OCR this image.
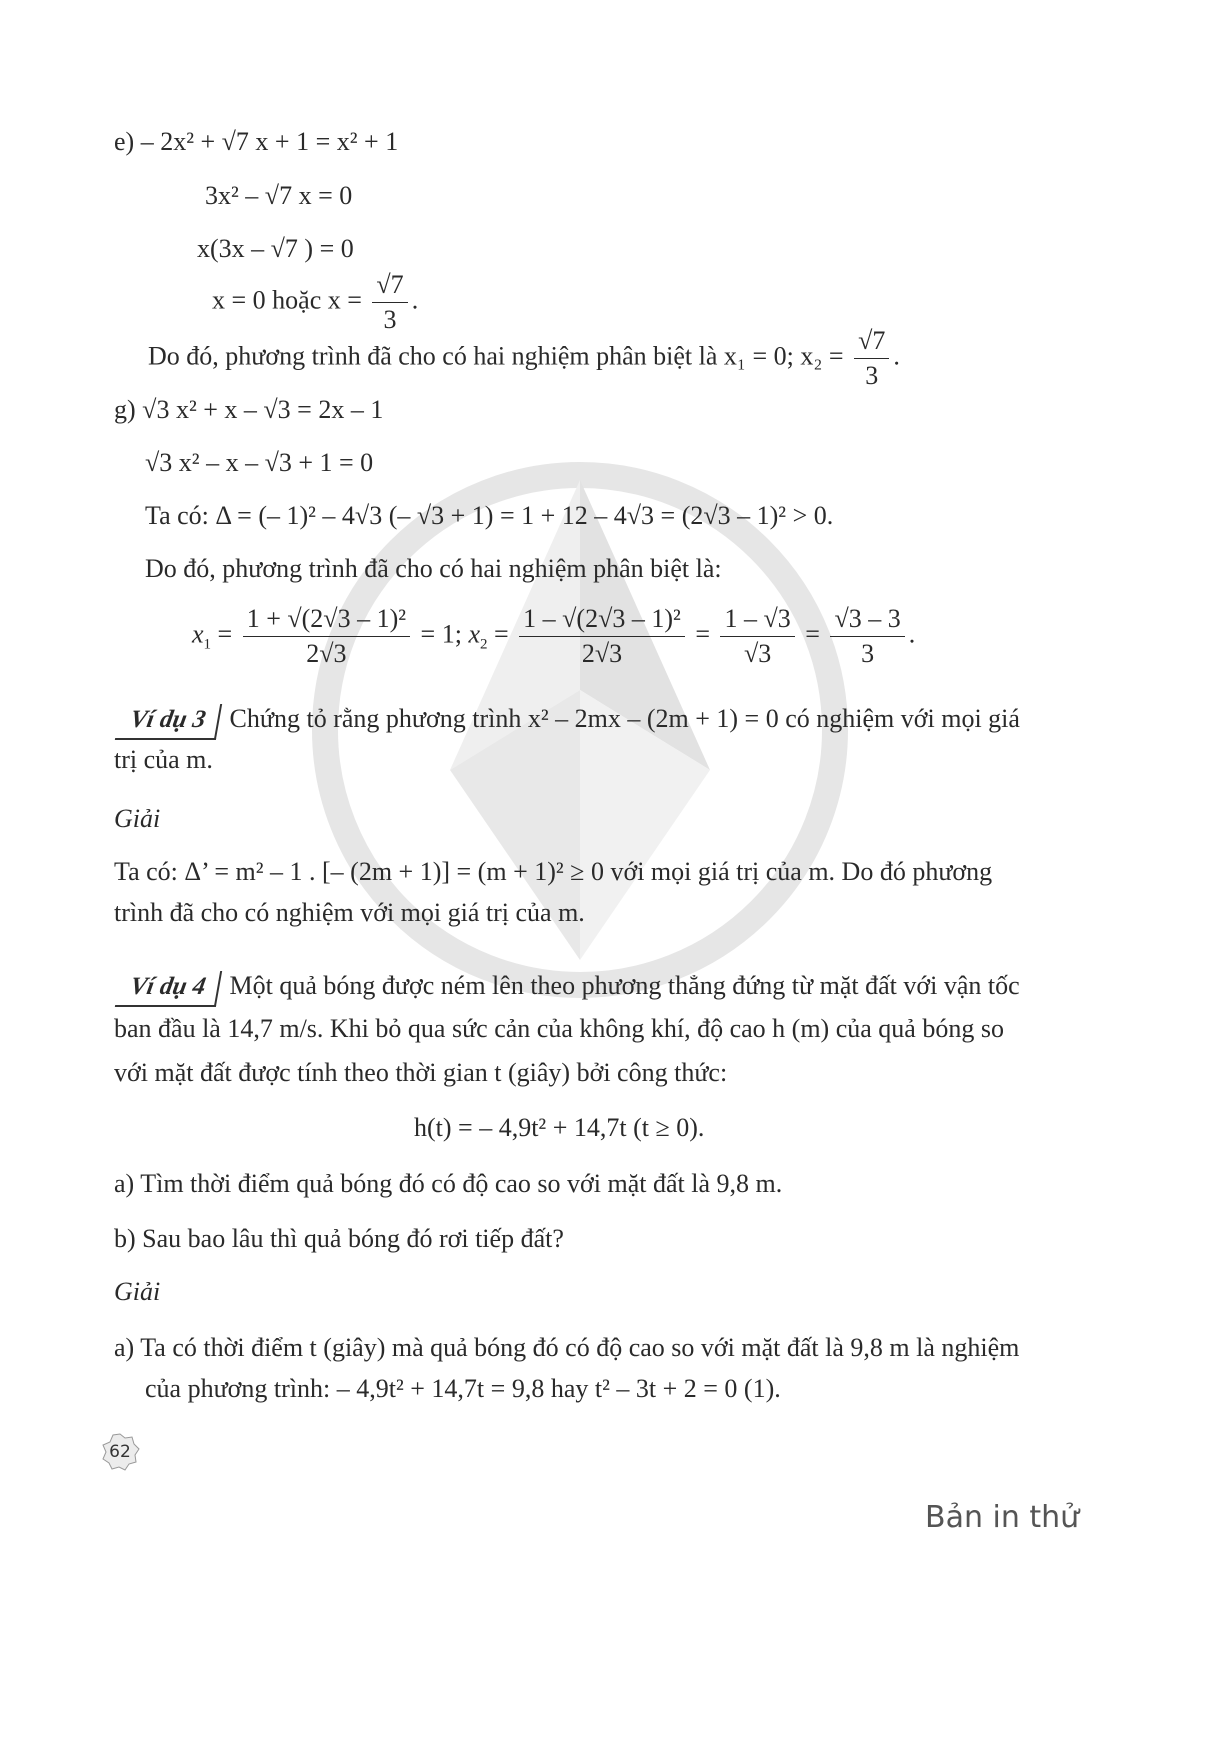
e) – 2x² + √7 x + 1 = x² + 1
3x² – √7 x = 0
x(3x – √7 ) = 0
x = 0 hoặc $x = \frac{√7}{3}$ .
Do đó, phương trình đã cho có hai nghiệm phân biệt là x₁ = 0; $x_2 = \frac{√7}{3}$ .
g) √3 x² + x – √3 = 2x – 1
√3 x² – x – √3 + 1 = 0
Ta có: Δ = (– 1)² – 4√3 (– √3 + 1) = 1 + 12 – 4√3 = (2√3 – 1)² > 0.
Do đó, phương trình đã cho có hai nghiệm phân biệt là:
$x_1 = \frac{\text{1 + √(2√3 – 1)²}}{2√3} = 1$; $x_2 = \frac{\text{1 – √(2√3 – 1)²}}{2√3} = \frac{1 - √3}{√3} = \frac{√3 - 3}{3}$ .
Ví dụ 3 Chứng tỏ rằng phương trình x² – 2mx – (2m + 1) = 0 có nghiệm với mọi giá
trị của m.
Giải
Ta có: Δ’ = m² – 1 . [– (2m + 1)] = (m + 1)² ≥ 0 với mọi giá trị của m. Do đó phương
trình đã cho có nghiệm với mọi giá trị của m.
Ví dụ 4 Một quả bóng được ném lên theo phương thẳng đứng từ mặt đất với vận tốc
ban đầu là 14,7 m/s. Khi bỏ qua sức cản của không khí, độ cao h (m) của quả bóng so
với mặt đất được tính theo thời gian t (giây) bởi công thức:
h(t) = – 4,9t² + 14,7t (t ≥ 0).
a) Tìm thời điểm quả bóng đó có độ cao so với mặt đất là 9,8 m.
b) Sau bao lâu thì quả bóng đó rơi tiếp đất?
Giải
a) Ta có thời điểm t (giây) mà quả bóng đó có độ cao so với mặt đất là 9,8 m là nghiệm
của phương trình: – 4,9t² + 14,7t = 9,8 hay t² – 3t + 2 = 0 (1).
62
Bản in thử
